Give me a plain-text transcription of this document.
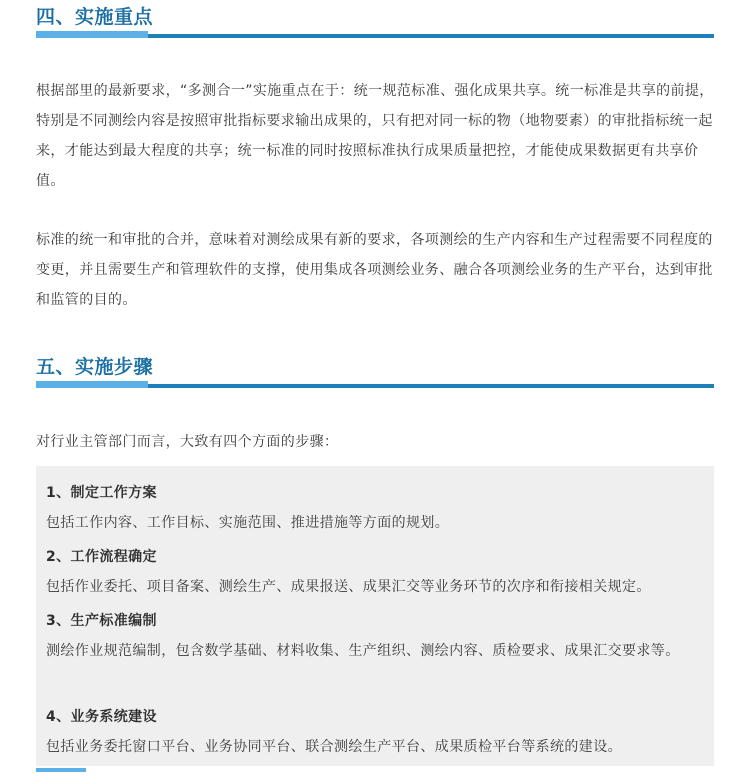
四、实施重点

根据部里的最新要求，“多测合一”实施重点在于：统一规范标准、强化成果共享。统一标准是共享的前提，特别是不同测绘内容是按照审批指标要求输出成果的，只有把对同一标的物（地物要素）的审批指标统一起来，才能达到最大程度的共享；统一标准的同时按照标准执行成果质量把控，才能使成果数据更有共享价值。

标准的统一和审批的合并，意味着对测绘成果有新的要求，各项测绘的生产内容和生产过程需要不同程度的变更，并且需要生产和管理软件的支撑，使用集成各项测绘业务、融合各项测绘业务的生产平台，达到审批和监管的目的。

五、实施步骤

对行业主管部门而言，大致有四个方面的步骤：

1、制定工作方案
包括工作内容、工作目标、实施范围、推进措施等方面的规划。
2、工作流程确定
包括作业委托、项目备案、测绘生产、成果报送、成果汇交等业务环节的次序和衔接相关规定。
3、生产标准编制
测绘作业规范编制，包含数学基础、材料收集、生产组织、测绘内容、质检要求、成果汇交要求等。
4、业务系统建设
包括业务委托窗口平台、业务协同平台、联合测绘生产平台、成果质检平台等系统的建设。
